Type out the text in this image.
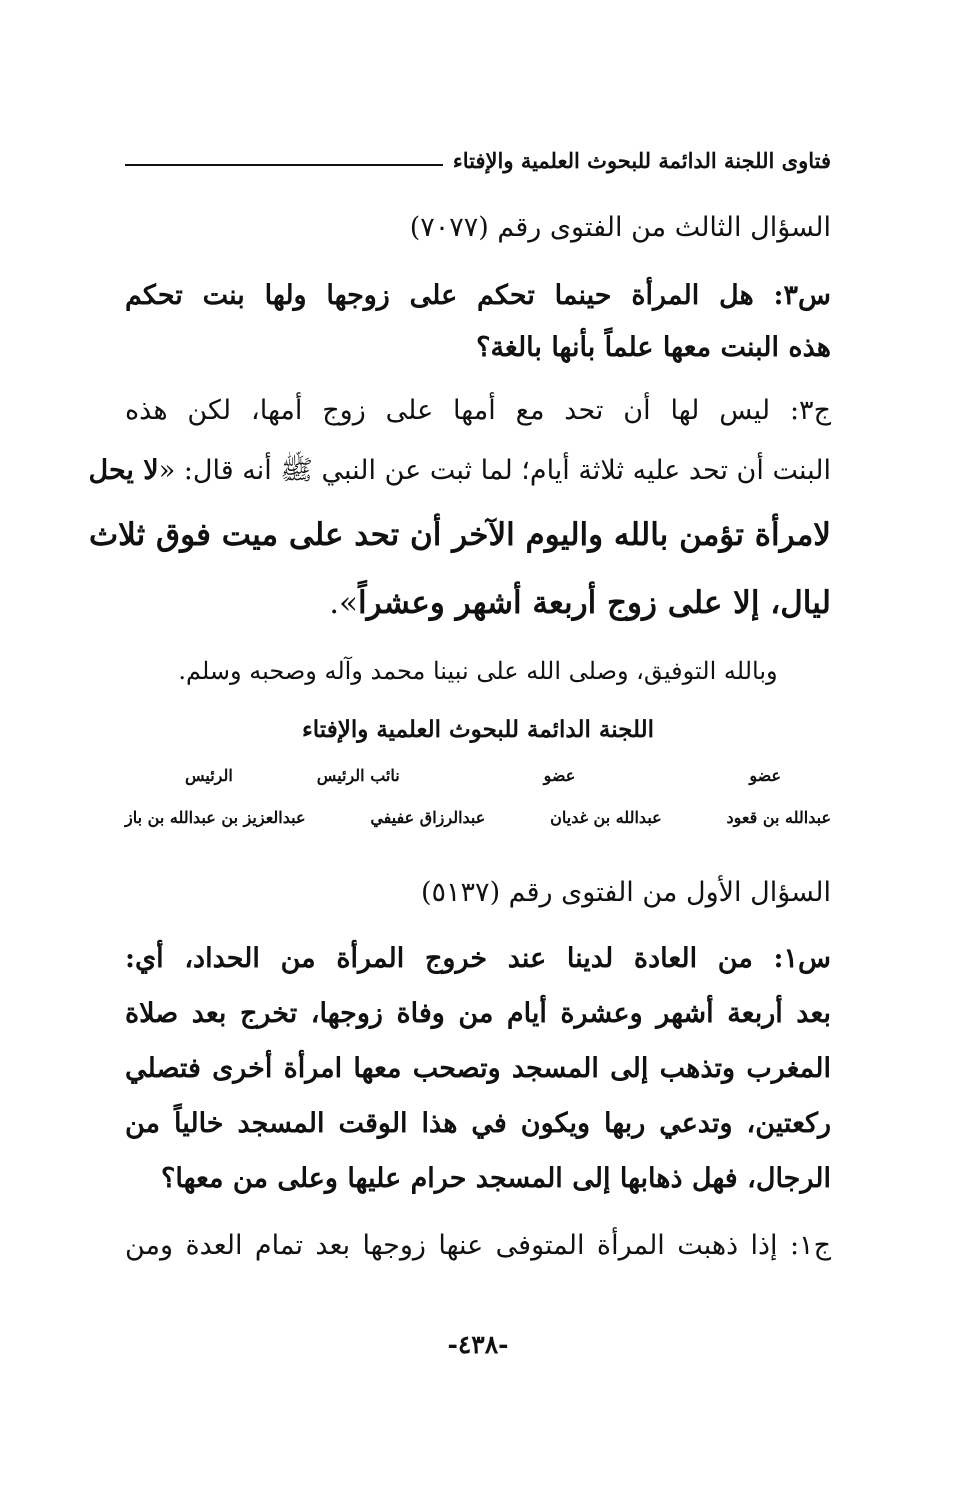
فتاوى اللجنة الدائمة للبحوث العلمية والإفتاء
السؤال الثالث من الفتوى رقم (٧٠٧٧)
س٣: هل المرأة حينما تحكم على زوجها ولها بنت تحكم
هذه البنت معها علماً بأنها بالغة؟
ج٣: ليس لها أن تحد مع أمها على زوج أمها، لكن هذه
البنت أن تحد عليه ثلاثة أيام؛ لما ثبت عن النبي ﷺ أنه قال: «لا يحل
لامرأة تؤمن بالله واليوم الآخر أن تحد على ميت فوق ثلاث
ليال، إلا على زوج أربعة أشهر وعشراً».
وبالله التوفيق، وصلى الله على نبينا محمد وآله وصحبه وسلم.
اللجنة الدائمة للبحوث العلمية والإفتاء
عضو
عضو
نائب الرئيس
الرئيس
عبدالله بن قعود
عبدالله بن غديان
عبدالرزاق عفيفي
عبدالعزيز بن عبدالله بن باز
السؤال الأول من الفتوى رقم (٥١٣٧)
س١: من العادة لدينا عند خروج المرأة من الحداد، أي:
بعد أربعة أشهر وعشرة أيام من وفاة زوجها، تخرج بعد صلاة
المغرب وتذهب إلى المسجد وتصحب معها امرأة أخرى فتصلي
ركعتين، وتدعي ربها ويكون في هذا الوقت المسجد خالياً من
الرجال، فهل ذهابها إلى المسجد حرام عليها وعلى من معها؟
ج١: إذا ذهبت المرأة المتوفى عنها زوجها بعد تمام العدة ومن
-٤٣٨-
